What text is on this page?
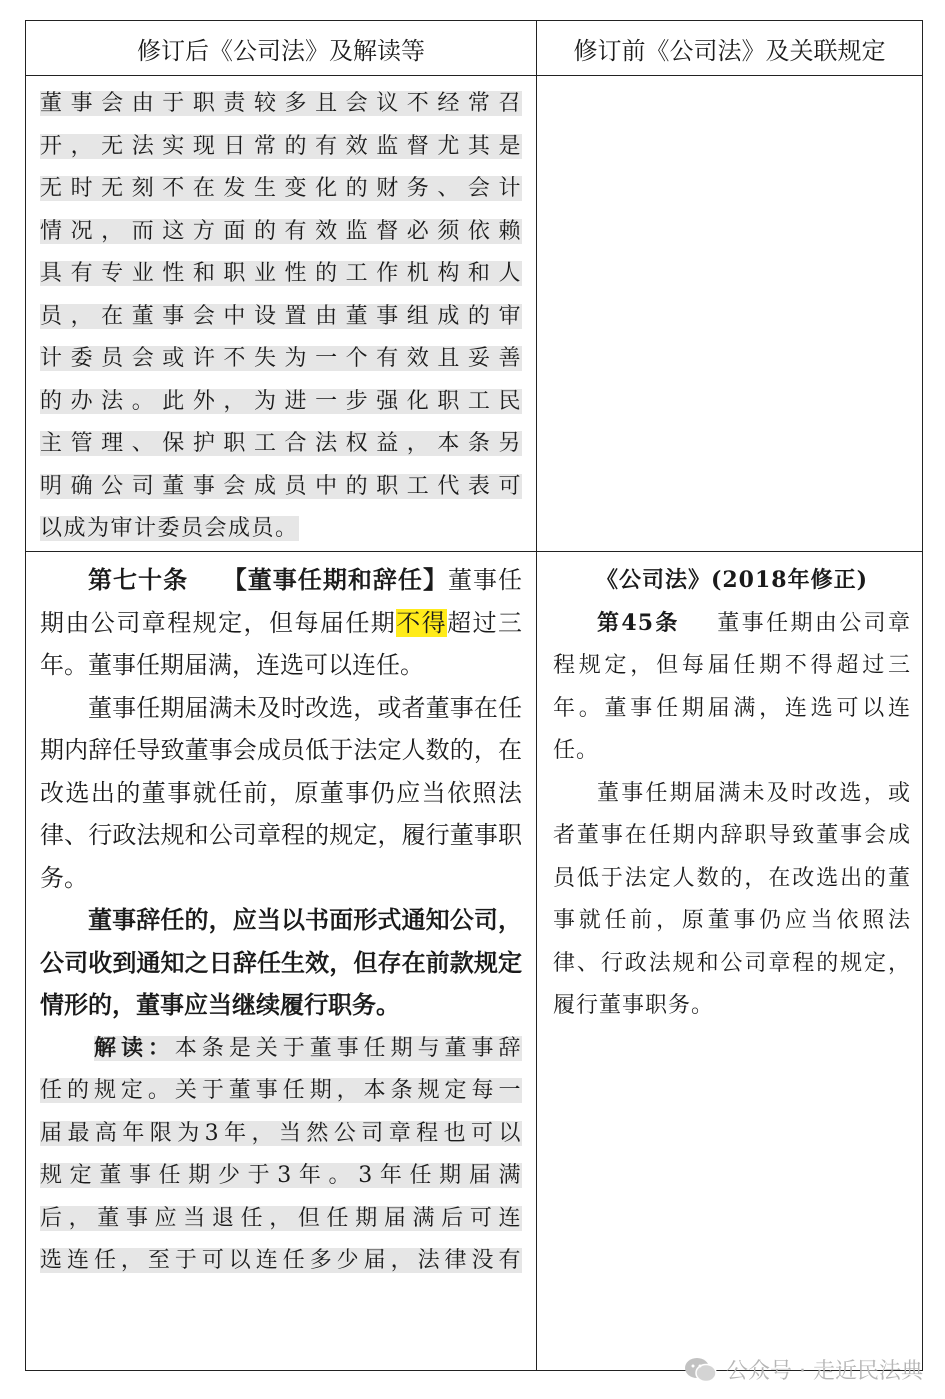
修订后《公司法》及解读等	修订前《公司法》及关联规定
董事会由于职责较多且会议不经常召
开，无法实现日常的有效监督尤其是
无时无刻不在发生变化的财务、会计
情况，而这方面的有效监督必须依赖
具有专业性和职业性的工作机构和人
员，在董事会中设置由董事组成的审
计委员会或许不失为一个有效且妥善
的办法。此外，为进一步强化职工民
主管理、保护职工合法权益，本条另
明确公司董事会成员中的职工代表可
以成为审计委员会成员。

第七十条 【董事任期和辞任】董事任期由公司章程规定，但每届任期不得超过三年。董事任期届满，连选可以连任。

董事任期届满未及时改选，或者董事在任期内辞任导致董事会成员低于法定人数的，在改选出的董事就任前，原董事仍应当依照法律、行政法规和公司章程的规定，履行董事职务。

董事辞任的，应当以书面形式通知公司，公司收到通知之日辞任生效，但存在前款规定情形的，董事应当继续履行职务。

解读：本条是关于董事任期与董事辞
任的规定。关于董事任期，本条规定每一
届最高年限为3年，当然公司章程也可以
规定董事任期少于3年。3年任期届满
后，董事应当退任，但任期届满后可连
选连任，至于可以连任多少届，法律没有

《公司法》(2018年修正)

第45条 董事任期由公司章程规定，但每届任期不得超过三年。董事任期届满，连选可以连任。

董事任期届满未及时改选，或者董事在任期内辞职导致董事会成员低于法定人数的，在改选出的董事就任前，原董事仍应当依照法律、行政法规和公司章程的规定，履行董事职务。

公众号 · 走近民法典
